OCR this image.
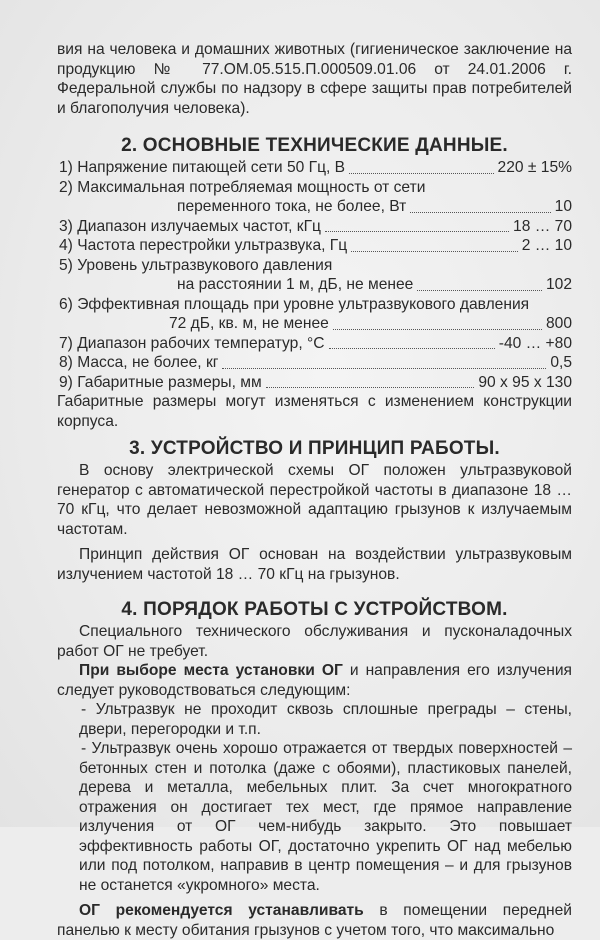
вия на человека и домашних животных (гигиеническое заключение на продукцию № 77.ОМ.05.515.П.000509.01.06 от 24.01.2006 г. Федеральной службы по надзору в сфере защиты прав потребителей и благополучия человека).

2. ОСНОВНЫЕ ТЕХНИЧЕСКИЕ ДАННЫЕ.
1) Напряжение питающей сети 50 Гц, В	220 ± 15%
2) Максимальная потребляемая мощность от сети
переменного тока, не более, Вт	10
3) Диапазон излучаемых частот, кГц	18 … 70
4) Частота перестройки ультразвука, Гц	2 … 10
5) Уровень ультразвукового давления
на расстоянии 1 м, дБ, не менее	102
6) Эффективная площадь при уровне ультразвукового давления
72 дБ, кв. м, не менее	800
7) Диапазон рабочих температур, °С	-40 … +80
8) Масса, не более, кг	0,5
9) Габаритные размеры, мм	90 х 95 х 130

Габаритные размеры могут изменяться с изменением конструкции корпуса.

3. УСТРОЙСТВО И ПРИНЦИП РАБОТЫ.

В основу электрической схемы ОГ положен ультразвуковой генератор с автоматической перестройкой частоты в диапазоне 18 … 70 кГц, что делает невозможной адаптацию грызунов к излучаемым частотам.

Принцип действия ОГ основан на воздействии ультразвуковым излучением частотой 18 … 70 кГц на грызунов.

4. ПОРЯДОК РАБОТЫ С УСТРОЙСТВОМ.

Специального технического обслуживания и пусконаладочных работ ОГ не требует.

При выборе места установки ОГ и направления его излучения следует руководствоваться следующим:

- Ультразвук не проходит сквозь сплошные преграды – стены, двери, перегородки и т.п.

- Ультразвук очень хорошо отражается от твердых поверхностей – бетонных стен и потолка (даже с обоями), пластиковых панелей, дерева и металла, мебельных плит. За счет многократного отражения он достигает тех мест, где прямое направление излучения от ОГ чем-нибудь закрыто. Это повышает эффективность работы ОГ, достаточно укрепить ОГ над мебелью или под потолком, направив в центр помещения – и для грызунов не останется «укромного» места.

ОГ рекомендуется устанавливать в помещении передней панелью к месту обитания грызунов с учетом того, что максимально
